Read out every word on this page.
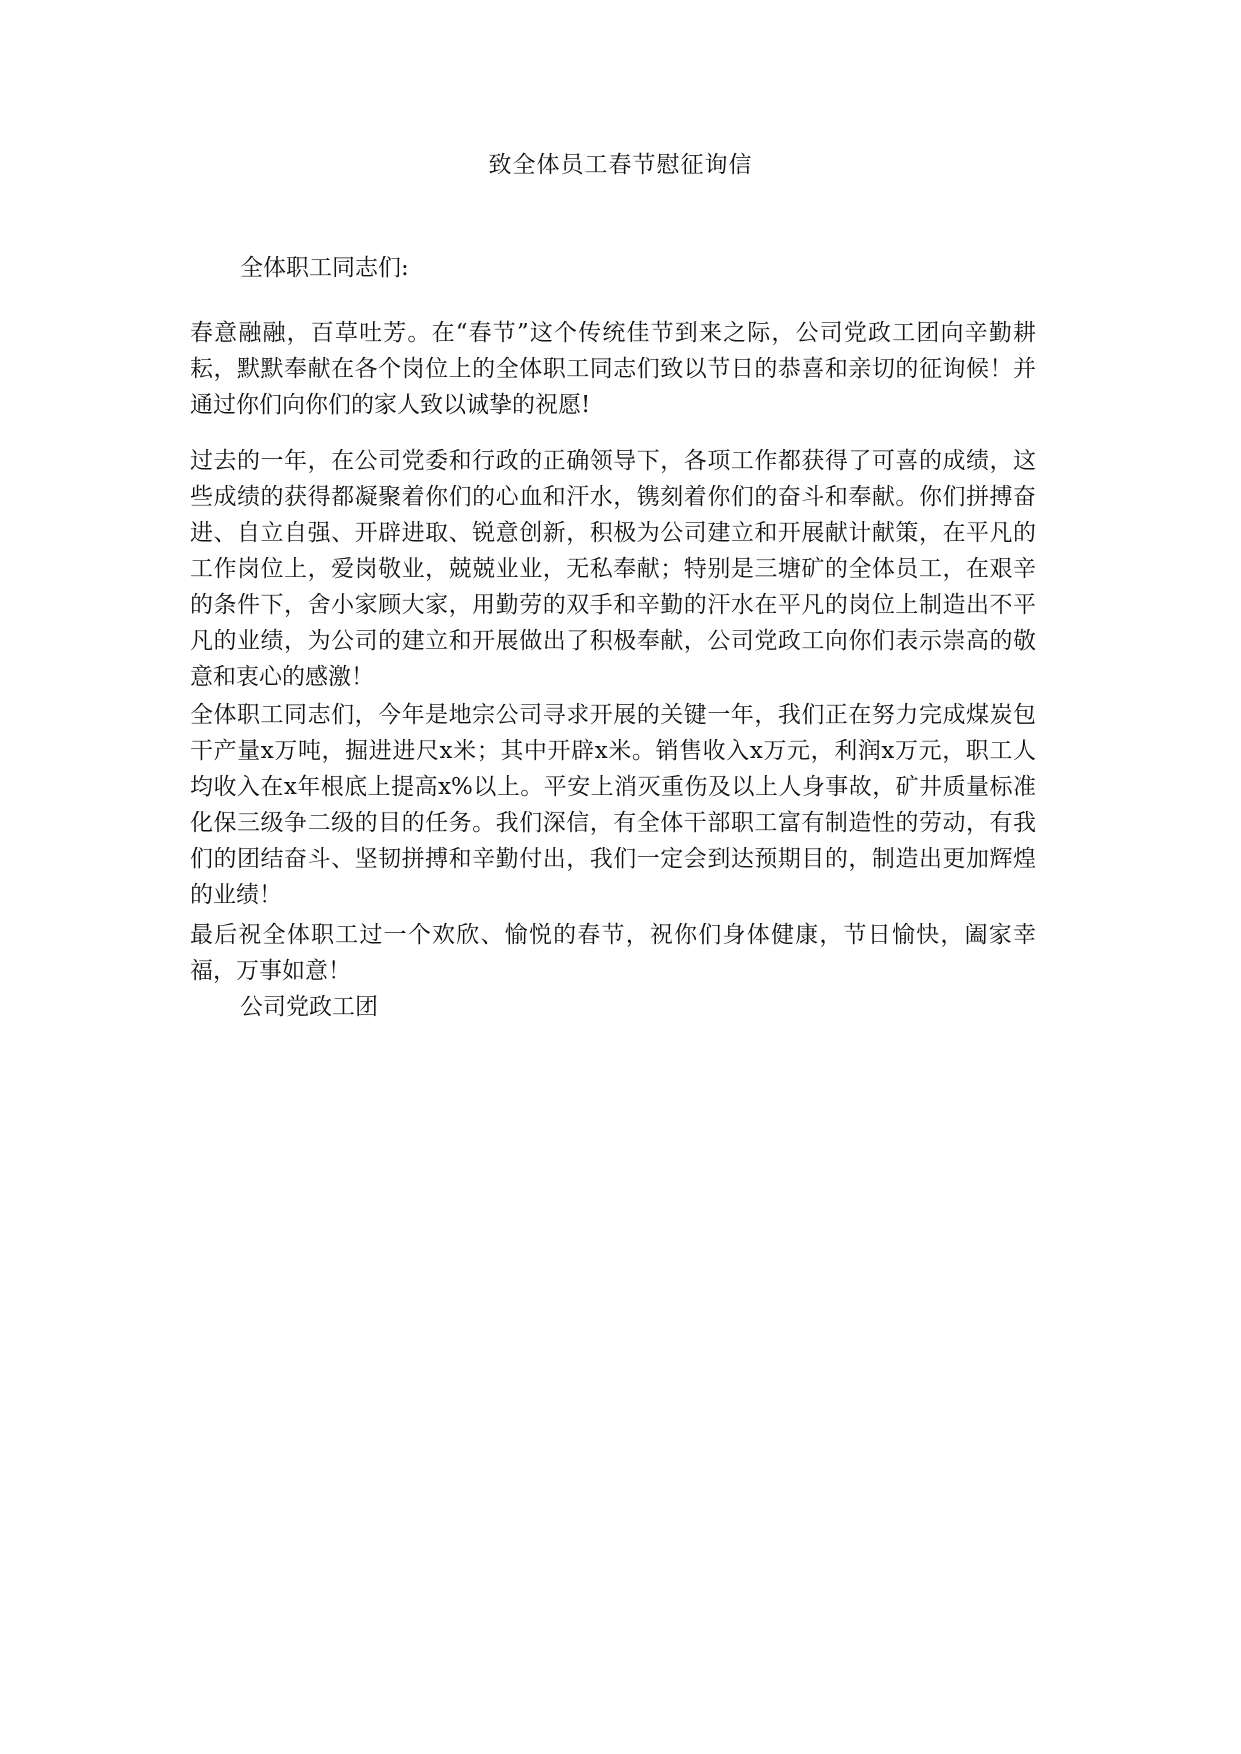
致全体员工春节慰征询信
全体职工同志们:
春意融融，百草吐芳。在“春节”这个传统佳节到来之际，公司党政工团向辛勤耕耘，默默奉献在各个岗位上的全体职工同志们致以节日的恭喜和亲切的征询候！并通过你们向你们的家人致以诚挚的祝愿!
过去的一年，在公司党委和行政的正确领导下，各项工作都获得了可喜的成绩，这些成绩的获得都凝聚着你们的心血和汗水，镌刻着你们的奋斗和奉献。你们拼搏奋进、自立自强、开辟进取、锐意创新，积极为公司建立和开展献计献策，在平凡的工作岗位上，爱岗敬业，兢兢业业，无私奉献；特别是三塘矿的全体员工，在艰辛的条件下，舍小家顾大家，用勤劳的双手和辛勤的汗水在平凡的岗位上制造出不平凡的业绩，为公司的建立和开展做出了积极奉献，公司党政工向你们表示崇高的敬意和衷心的感激！
全体职工同志们，今年是地宗公司寻求开展的关键一年，我们正在努力完成煤炭包干产量x万吨，掘进进尺x米；其中开辟x米。销售收入x万元，利润x万元，职工人均收入在x年根底上提高x%以上。平安上消灭重伤及以上人身事故，矿井质量标准化保三级争二级的目的任务。我们深信，有全体干部职工富有制造性的劳动，有我们的团结奋斗、坚韧拼搏和辛勤付出，我们一定会到达预期目的，制造出更加辉煌的业绩！
最后祝全体职工过一个欢欣、愉悦的春节，祝你们身体健康，节日愉快，阖家幸福，万事如意！
公司党政工团
